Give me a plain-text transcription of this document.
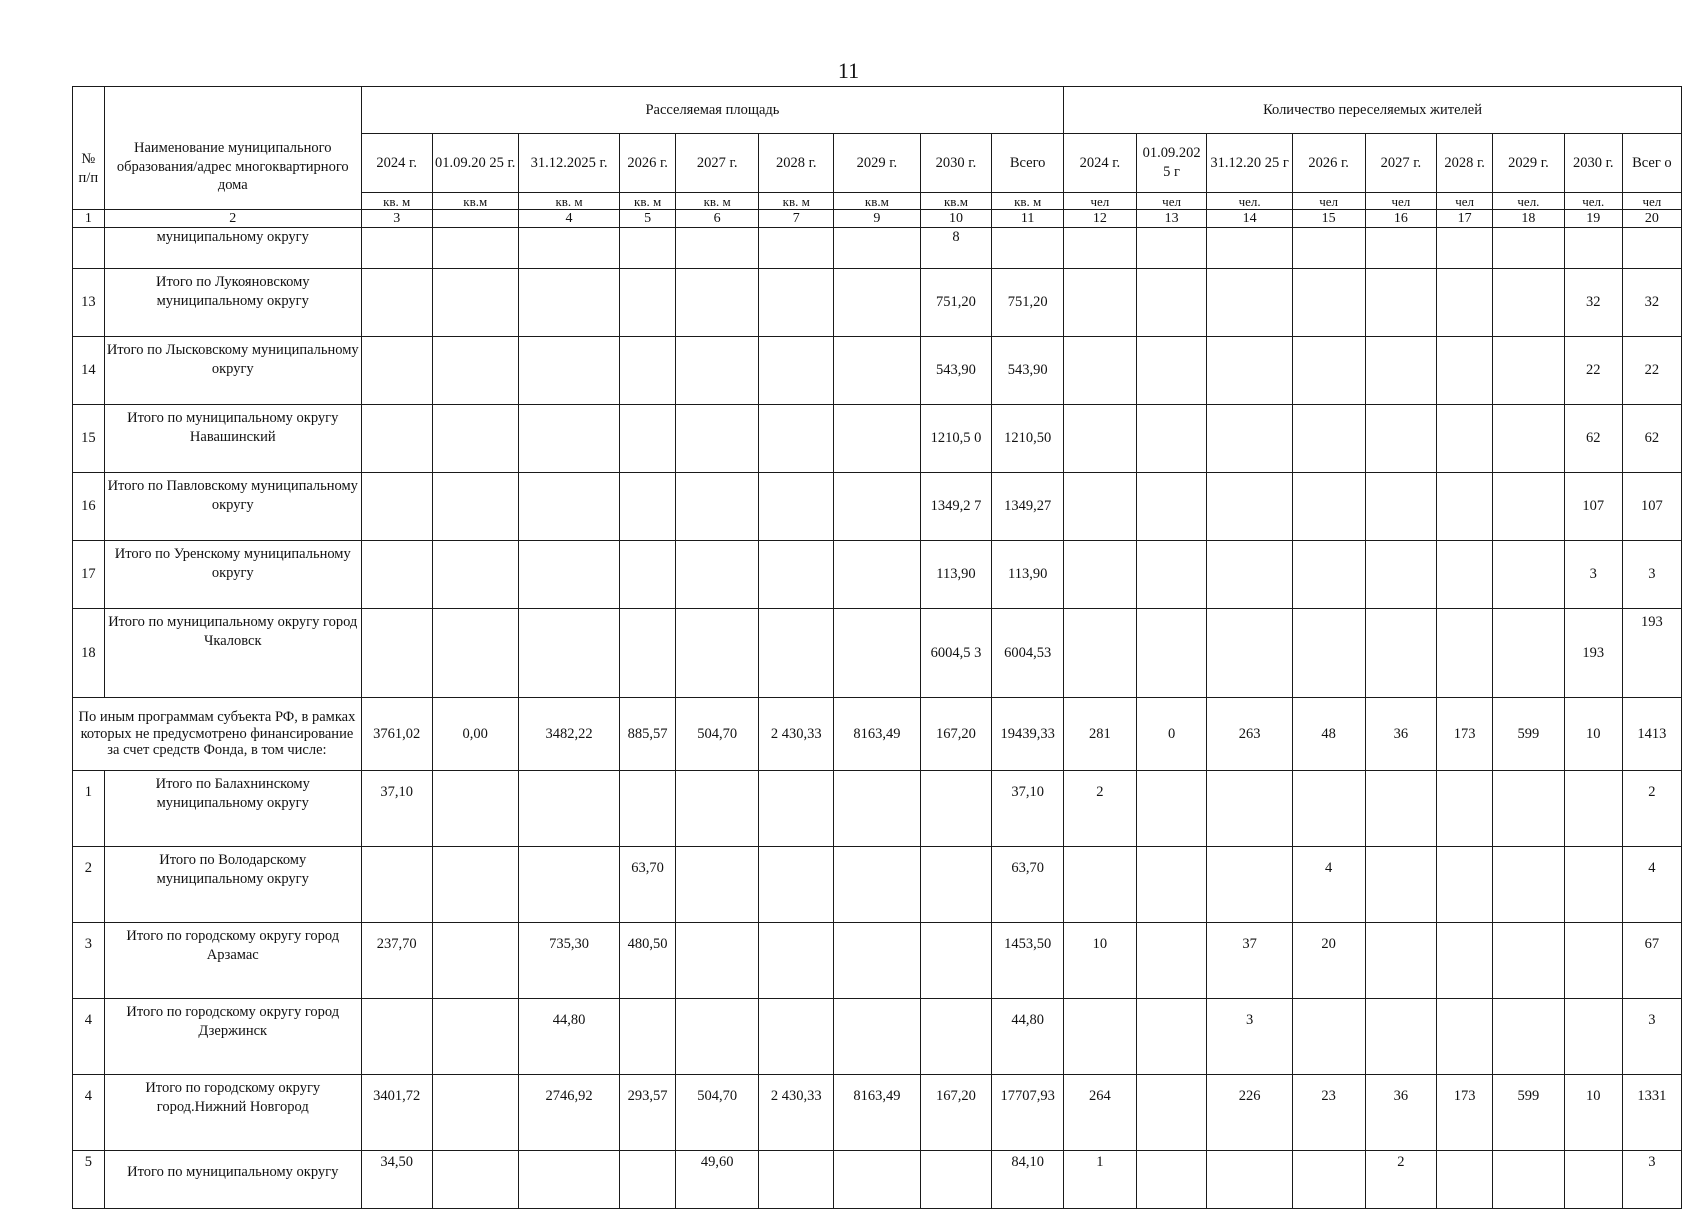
11
№ п/п	Наименование муниципального образования/адрес многоквартирного дома	Расселяемая площадь									Количество переселяемых жителей								
		2024 г.	01.09.20 25 г.	31.12.2025 г.	2026 г.	2027 г.	2028 г.	2029 г.	2030 г.	Всего	2024 г.	01.09.202 5 г	31.12.20 25 г	2026 г.	2027 г.	2028 г.	2029 г.	2030 г.	Всег о
		кв. м	кв.м	кв. м	кв. м	кв. м	кв. м	кв.м	кв.м	кв. м	чел	чел	чел.	чел	чел	чел	чел.	чел.	чел
1	2	3		4	5	6	7	9	10	11	12	13	14	15	16	17	18	19	20
	муниципальному округу								8										
13	Итого по Лукояновскому муниципальному округу								751,20	751,20								32	32
14	Итого по Лысковскому муниципальному округу								543,90	543,90								22	22
15	Итого по муниципальному округу Навашинский								1210,5 0	1210,50								62	62
16	Итого по Павловскому муниципальному округу								1349,2 7	1349,27								107	107
17	Итого по Уренскому муниципальному округу								113,90	113,90								3	3
18	Итого по муниципальному округу город Чкаловск								6004,5 3	6004,53								193	193
По иным программам субъекта РФ, в рамках которых не предусмотрено финансирование за счет средств Фонда, в том числе:		3761,02	0,00	3482,22	885,57	504,70	2 430,33	8163,49	167,20	19439,33	281	0	263	48	36	173	599	10	1413
1	Итого по Балахнинскому муниципальному округу	37,10								37,10	2								2
2	Итого по Володарскому муниципальному округу				63,70					63,70				4					4
3	Итого по городскому округу город Арзамас	237,70		735,30	480,50					1453,50	10		37	20					67
4	Итого по городскому округу город Дзержинск			44,80						44,80			3						3
4	Итого по городскому округу город.Нижний Новгород	3401,72		2746,92	293,57	504,70	2 430,33	8163,49	167,20	17707,93	264		226	23	36	173	599	10	1331
5	Итого по муниципальному округу	34,50				49,60				84,10	1				2				3
